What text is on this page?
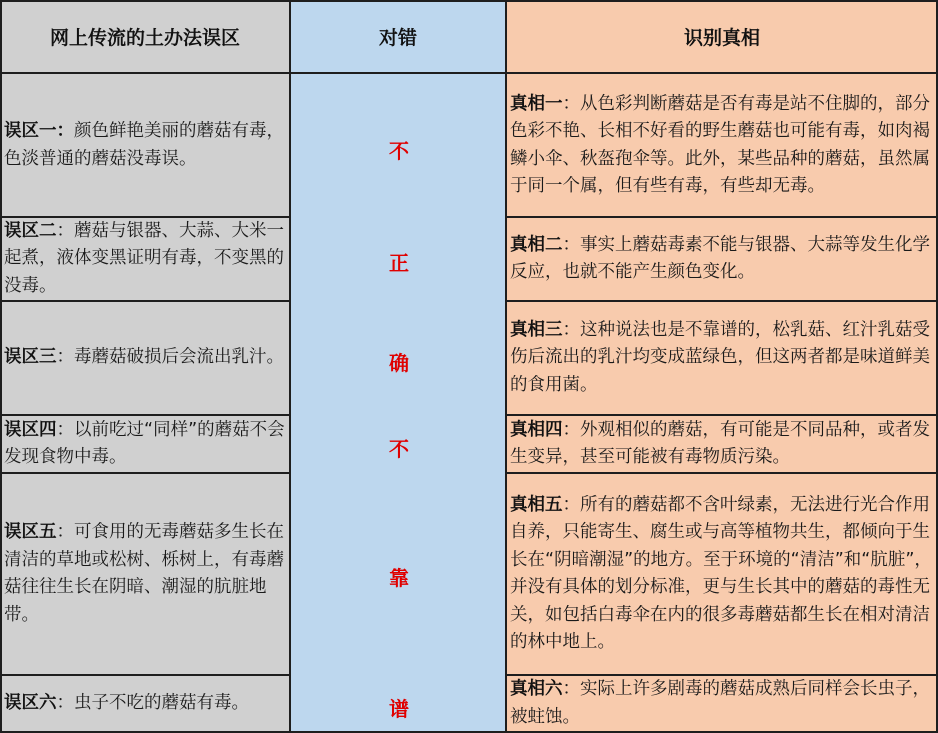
网上传流的土办法误区	对错	识别真相

误区一：颜色鲜艳美丽的蘑菇有毒，色淡普通的蘑菇没毒误。

误区二：蘑菇与银器、大蒜、大米一起煮，液体变黑证明有毒，不变黑的没毒。

误区三：毒蘑菇破损后会流出乳汁。

误区四：以前吃过“同样”的蘑菇不会发现食物中毒。

误区五：可食用的无毒蘑菇多生长在清洁的草地或松树、栎树上，有毒蘑菇往往生长在阴暗、潮湿的肮脏地带。

误区六：虫子不吃的蘑菇有毒。

不
正
确
不
靠
谱

真相一：从色彩判断蘑菇是否有毒是站不住脚的，部分色彩不艳、长相不好看的野生蘑菇也可能有毒，如肉褐鳞小伞、秋盔孢伞等。此外，某些品种的蘑菇，虽然属于同一个属，但有些有毒，有些却无毒。

真相二：事实上蘑菇毒素不能与银器、大蒜等发生化学反应，也就不能产生颜色变化。

真相三：这种说法也是不靠谱的，松乳菇、红汁乳菇受伤后流出的乳汁均变成蓝绿色，但这两者都是味道鲜美的食用菌。

真相四：外观相似的蘑菇，有可能是不同品种，或者发生变异，甚至可能被有毒物质污染。

真相五：所有的蘑菇都不含叶绿素，无法进行光合作用自养，只能寄生、腐生或与高等植物共生，都倾向于生长在“阴暗潮湿”的地方。至于环境的“清洁”和“肮脏”，并没有具体的划分标准，更与生长其中的蘑菇的毒性无关，如包括白毒伞在内的很多毒蘑菇都生长在相对清洁的林中地上。

真相六：实际上许多剧毒的蘑菇成熟后同样会长虫子，被蛀蚀。
